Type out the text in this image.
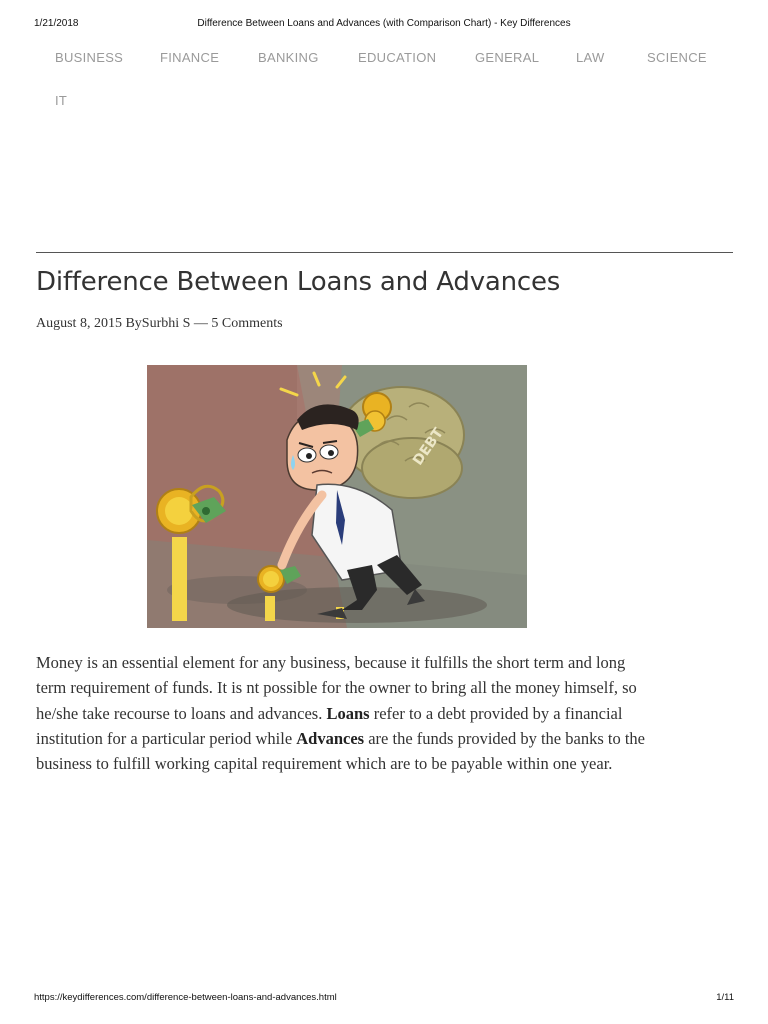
1/21/2018	Difference Between Loans and Advances (with Comparison Chart) - Key Differences
BUSINESS	FINANCE	BANKING	EDUCATION	GENERAL	LAW	SCIENCE
IT
Difference Between Loans and Advances
August 8, 2015 BySurbhi S — 5 Comments
DEBT

Money is an essential element for any business, because it fulfills the short term and long term requirement of funds. It is nt possible for the owner to bring all the money himself, so he/she take recourse to loans and advances. Loans refer to a debt provided by a financial institution for a particular period while Advances are the funds provided by the banks to the business to fulfill working capital requirement which are to be payable within one year.

https://keydifferences.com/difference-between-loans-and-advances.html	1/11
